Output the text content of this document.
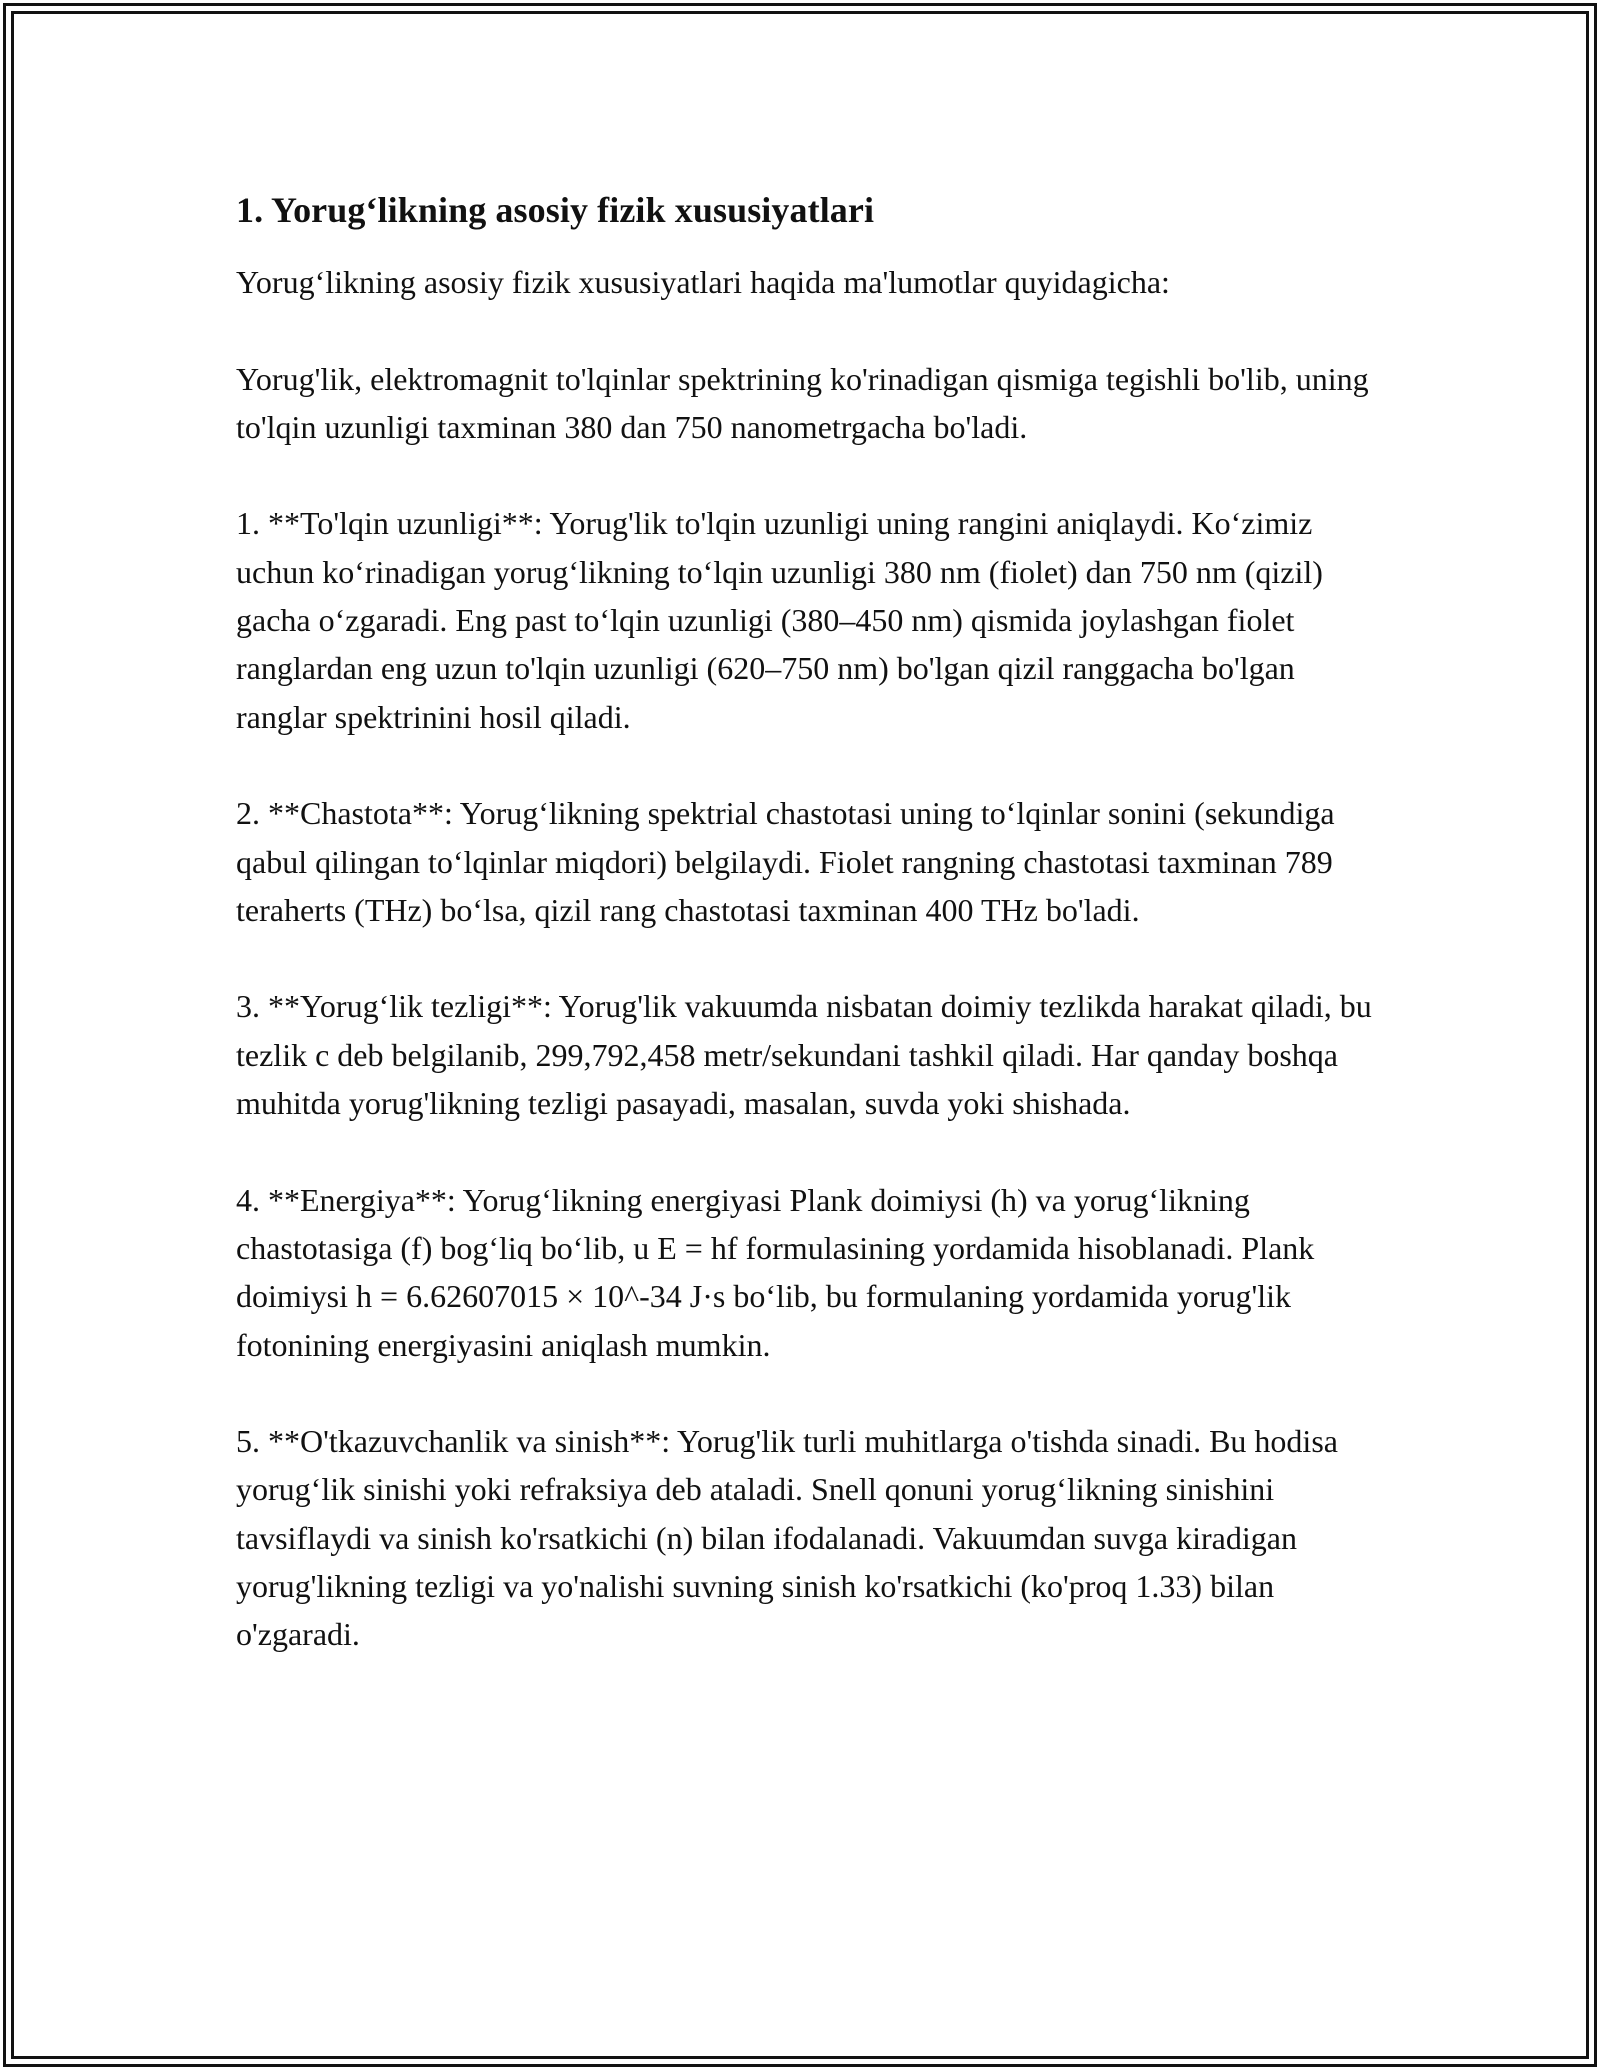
1. Yorug‘likning asosiy fizik xususiyatlari

Yorug‘likning asosiy fizik xususiyatlari haqida ma'lumotlar quyidagicha:

Yorug'lik, elektromagnit to'lqinlar spektrining ko'rinadigan qismiga tegishli bo'lib, uning to'lqin uzunligi taxminan 380 dan 750 nanometrgacha bo'ladi.

1. **To'lqin uzunligi**: Yorug'lik to'lqin uzunligi uning rangini aniqlaydi. Ko‘zimiz uchun ko‘rinadigan yorug‘likning to‘lqin uzunligi 380 nm (fiolet) dan 750 nm (qizil) gacha o‘zgaradi. Eng past to‘lqin uzunligi (380–450 nm) qismida joylashgan fiolet ranglardan eng uzun to'lqin uzunligi (620–750 nm) bo'lgan qizil ranggacha bo'lgan ranglar spektrinini hosil qiladi.

2. **Chastota**: Yorug‘likning spektrial chastotasi uning to‘lqinlar sonini (sekundiga qabul qilingan to‘lqinlar miqdori) belgilaydi. Fiolet rangning chastotasi taxminan 789 teraherts (THz) bo‘lsa, qizil rang chastotasi taxminan 400 THz bo'ladi.

3. **Yorug‘lik tezligi**: Yorug'lik vakuumda nisbatan doimiy tezlikda harakat qiladi, bu tezlik c deb belgilanib, 299,792,458 metr/sekundani tashkil qiladi. Har qanday boshqa muhitda yorug'likning tezligi pasayadi, masalan, suvda yoki shishada.

4. **Energiya**: Yorug‘likning energiyasi Plank doimiysi (h) va yorug‘likning chastotasiga (f) bog‘liq bo‘lib, u E = hf formulasining yordamida hisoblanadi. Plank doimiysi h = 6.62607015 × 10^-34 J·s bo‘lib, bu formulaning yordamida yorug'lik fotonining energiyasini aniqlash mumkin.

5. **O'tkazuvchanlik va sinish**: Yorug'lik turli muhitlarga o'tishda sinadi. Bu hodisa yorug‘lik sinishi yoki refraksiya deb ataladi. Snell qonuni yorug‘likning sinishini tavsiflaydi va sinish ko'rsatkichi (n) bilan ifodalanadi. Vakuumdan suvga kiradigan yorug'likning tezligi va yo'nalishi suvning sinish ko'rsatkichi (ko'proq 1.33) bilan o'zgaradi.
